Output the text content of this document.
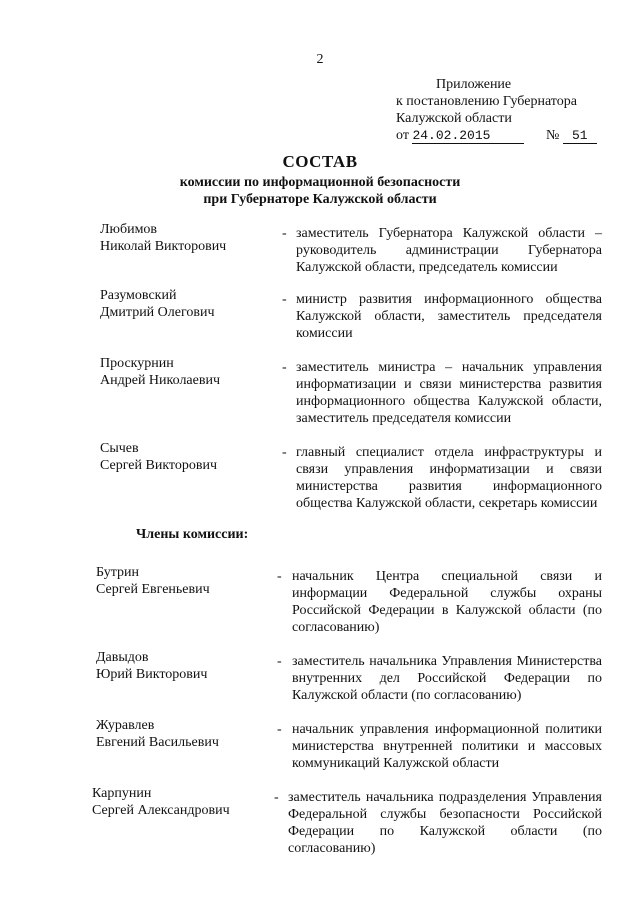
2
Приложение
к постановлению Губернатора
Калужской области
от 24.02.2015	№ 51
СОСТАВ
комиссии по информационной безопасности
при Губернаторе Калужской области
Любимов
Николай Викторович
- заместитель Губернатора Калужской области – руководитель администрации Губернатора Калужской области, председатель комиссии
Разумовский
Дмитрий Олегович
- министр развития информационного общества Калужской области, заместитель председателя комиссии
Проскурнин
Андрей Николаевич
- заместитель министра – начальник управления информатизации и связи министерства развития информационного общества Калужской области, заместитель председателя комиссии
Сычев
Сергей Викторович
- главный специалист отдела инфраструктуры и связи управления информатизации и связи министерства развития информационного общества Калужской области, секретарь комиссии
Члены комиссии:
Бутрин
Сергей Евгеньевич
- начальник Центра специальной связи и информации Федеральной службы охраны Российской Федерации в Калужской области (по согласованию)
Давыдов
Юрий Викторович
- заместитель начальника Управления Министерства внутренних дел Российской Федерации по Калужской области (по согласованию)
Журавлев
Евгений Васильевич
- начальник управления информационной политики министерства внутренней политики и массовых коммуникаций Калужской области
Карпунин
Сергей Александрович
- заместитель начальника подразделения Управления Федеральной службы безопасности Российской Федерации по Калужской области (по согласованию)
